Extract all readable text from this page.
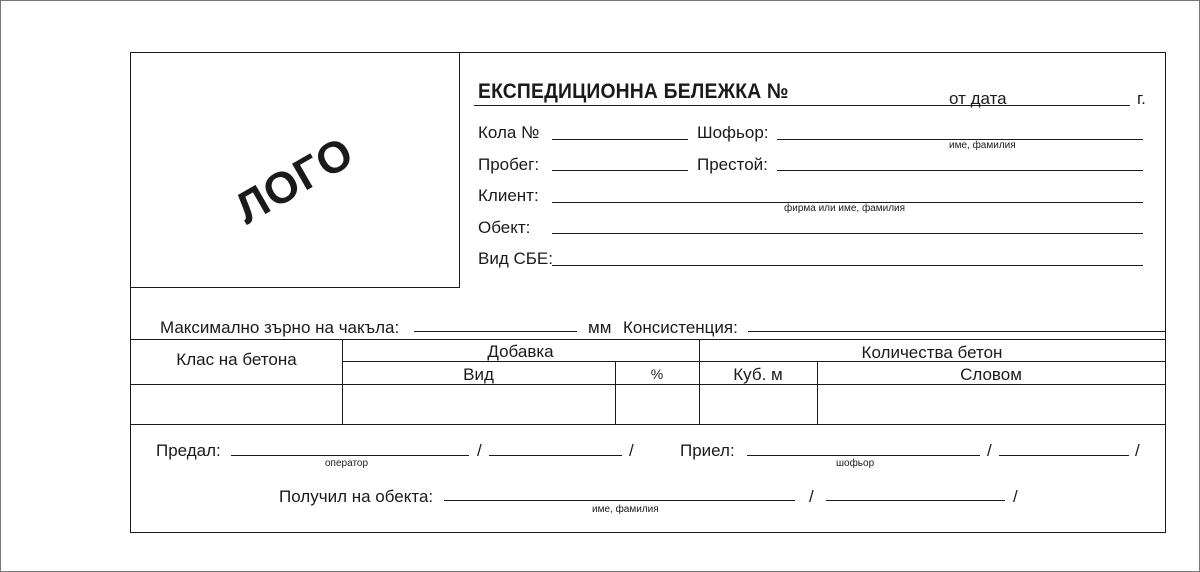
ЛОГО
ЕКСПЕДИЦИОННА БЕЛЕЖКА №	от дата	г.
Кола №	Шофьор:
име, фамилия
Пробег:	Престой:
Клиент:
фирма или име, фамилия
Обект:
Вид СБЕ:
Максимално зърно на чакъла:	мм Консистенция:
Клас на бетона	Добавка	Количества бетон
Вид	%	Куб. м	Словом
Предал:
оператор
/	/	Приел:
шофьор
/	/
Получил на обекта:
име, фамилия
/	/
